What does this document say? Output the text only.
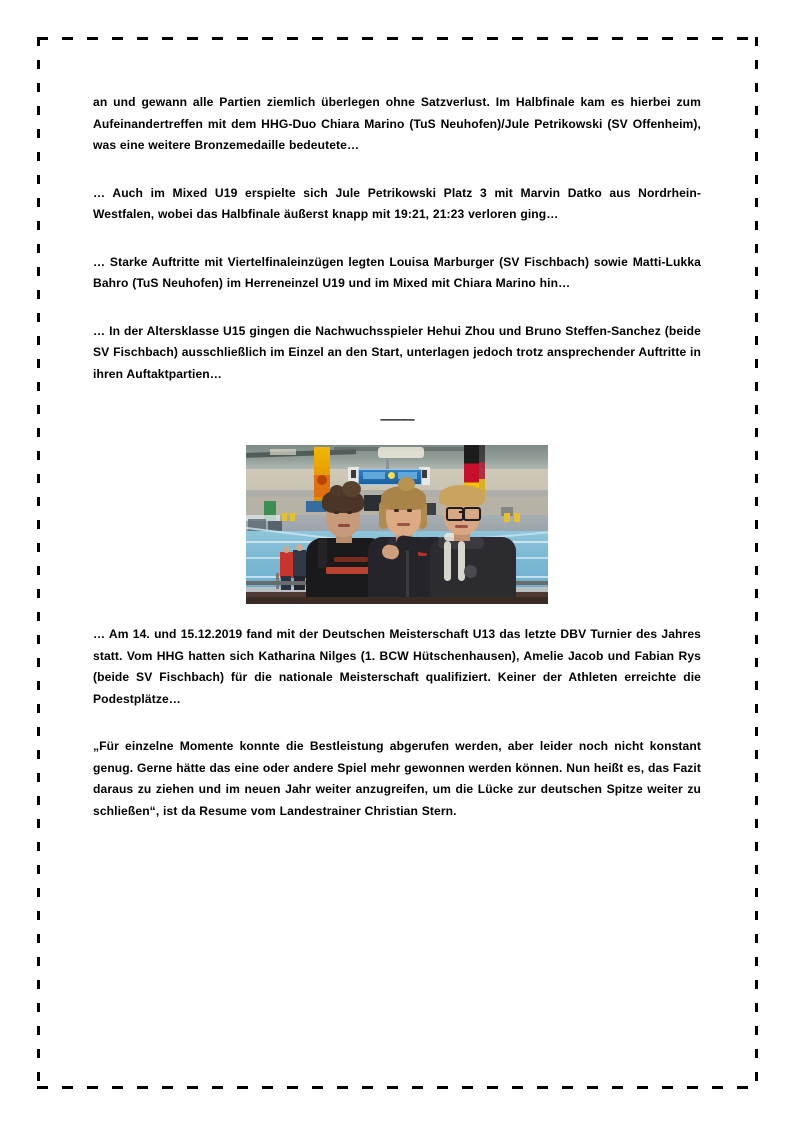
an und gewann alle Partien ziemlich überlegen ohne Satzverlust. Im Halbfinale kam es hierbei zum Aufeinandertreffen mit dem HHG-Duo Chiara Marino (TuS Neuhofen)/Jule Petrikowski (SV Offenheim), was eine weitere Bronzemedaille bedeutete…

… Auch im Mixed U19 erspielte sich Jule Petrikowski Platz 3 mit Marvin Datko aus Nordrhein-Westfalen, wobei das Halbfinale äußerst knapp mit 19:21, 21:23 verloren ging…

… Starke Auftritte mit Viertelfinaleinzügen legten Louisa Marburger (SV Fischbach) sowie Matti-Lukka Bahro (TuS Neuhofen) im Herreneinzel U19 und im Mixed mit Chiara Marino hin…

… In der Altersklasse U15 gingen die Nachwuchsspieler Hehui Zhou und Bruno Steffen-Sanchez (beide SV Fischbach) ausschließlich im Einzel an den Start, unterlagen jedoch trotz ansprechender Auftritte in ihren Auftaktpartien…

———

… Am 14. und 15.12.2019 fand mit der Deutschen Meisterschaft U13 das letzte DBV Turnier des Jahres statt. Vom HHG hatten sich Katharina Nilges (1. BCW Hütschenhausen), Amelie Jacob und Fabian Rys (beide SV Fischbach) für die nationale Meisterschaft qualifiziert. Keiner der Athleten erreichte die Podestplätze…

„Für einzelne Momente konnte die Bestleistung abgerufen werden, aber leider noch nicht konstant genug. Gerne hätte das eine oder andere Spiel mehr gewonnen werden können. Nun heißt es, das Fazit daraus zu ziehen und im neuen Jahr weiter anzugreifen, um die Lücke zur deutschen Spitze weiter zu schließen“, ist da Resume vom Landestrainer Christian Stern.
